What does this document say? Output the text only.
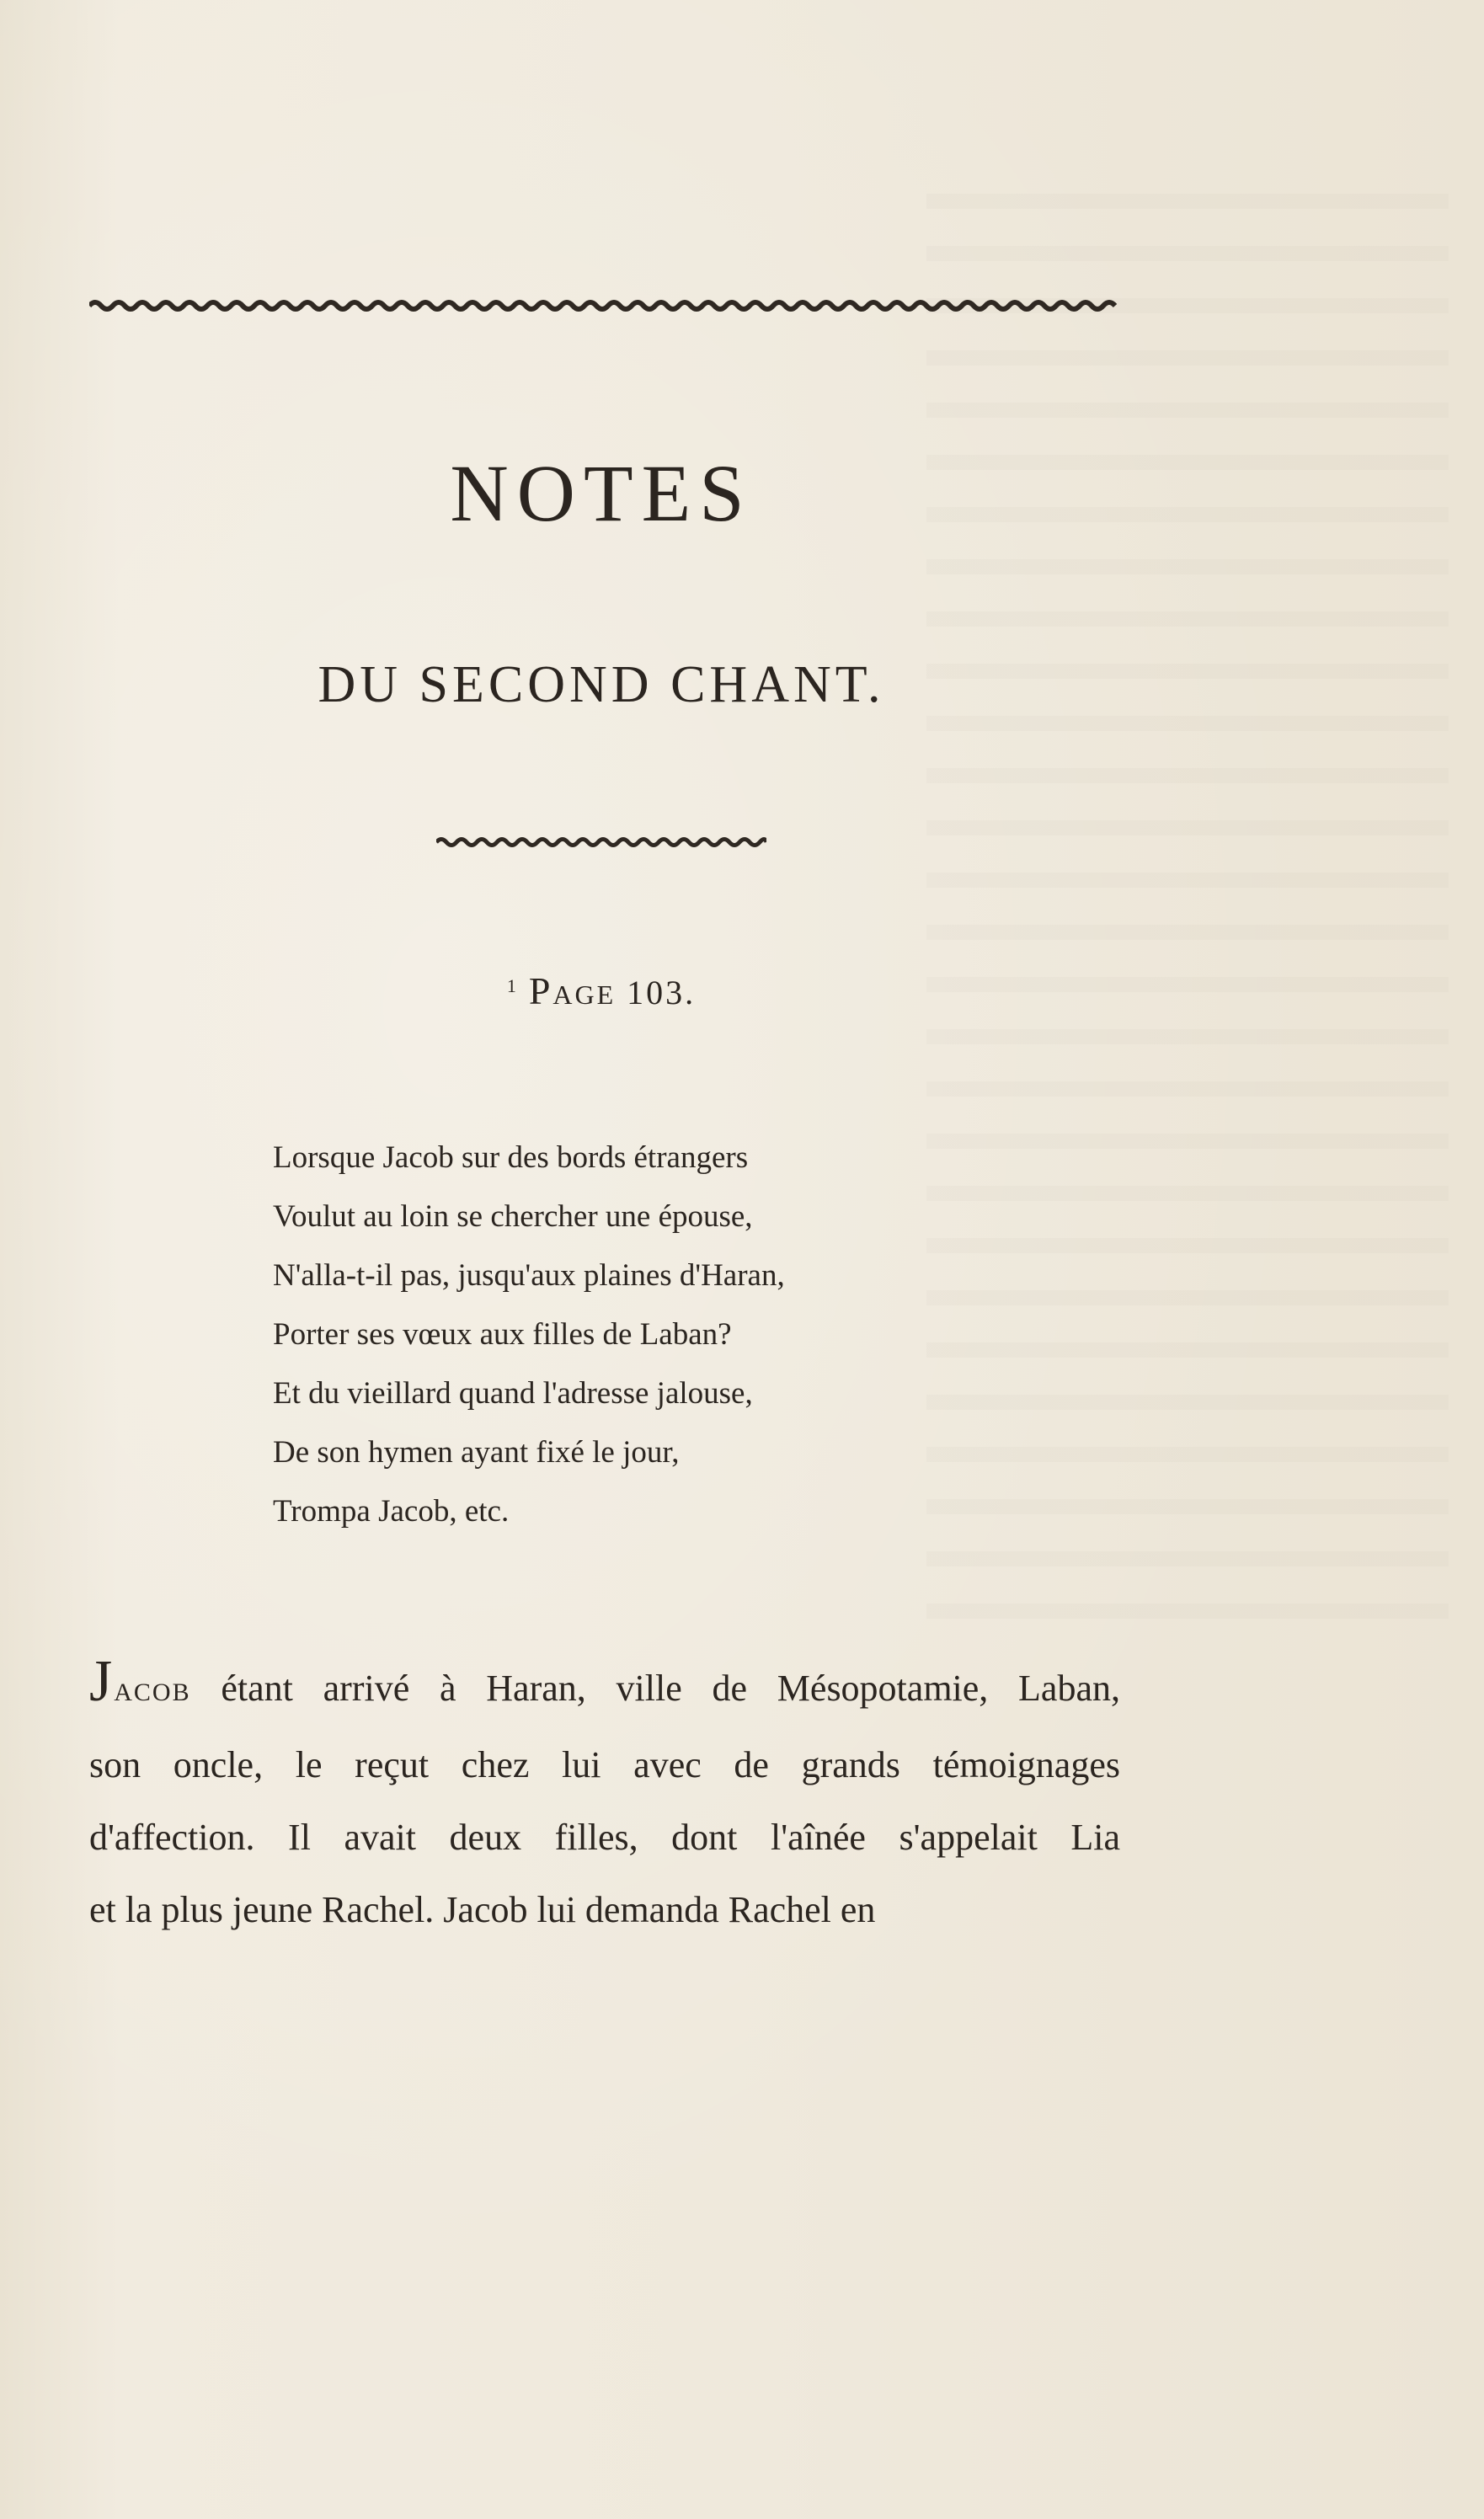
NOTES
DU SECOND CHANT.
$^1$ Page 103.
Lorsque Jacob sur des bords étrangers
Voulut au loin se chercher une épouse,
N'alla-t-il pas, jusqu'aux plaines d'Haran,
Porter ses vœux aux filles de Laban?
Et du vieillard quand l'adresse jalouse,
De son hymen ayant fixé le jour,
Trompa Jacob, etc.
JACOB étant arrivé à Haran, ville de Mésopotamie, Laban,
son oncle, le reçut chez lui avec de grands témoignages
d'affection. Il avait deux filles, dont l'aînée s'appelait Lia
et la plus jeune Rachel. Jacob lui demanda Rachel en
